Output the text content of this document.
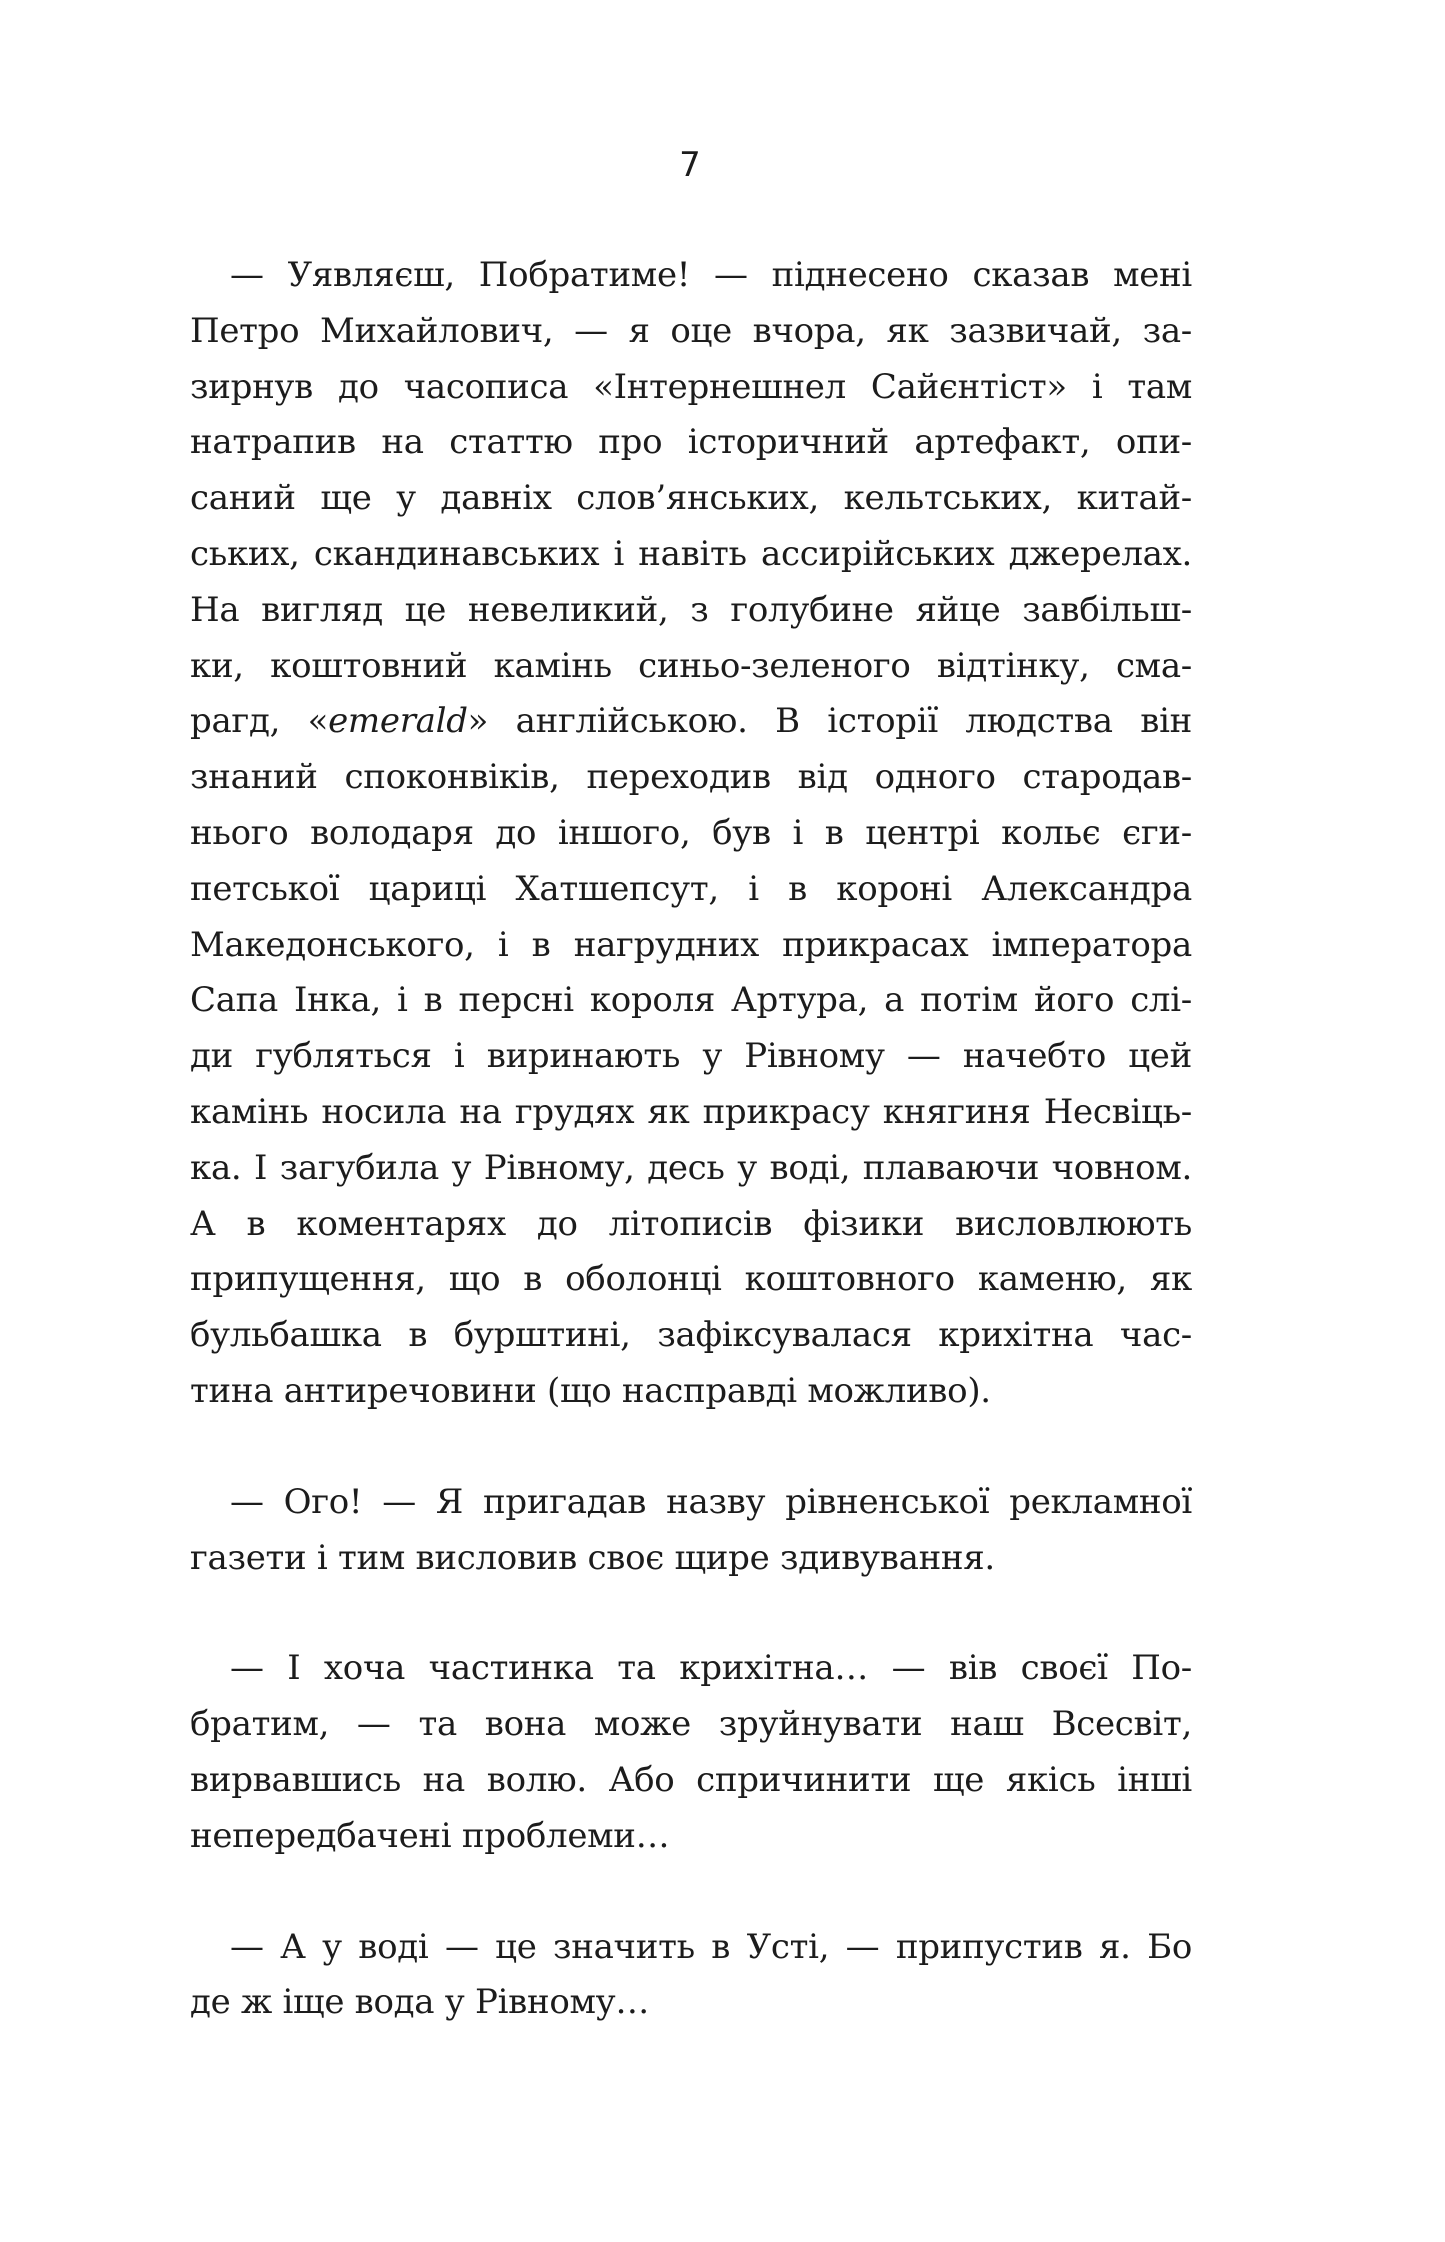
7

— Уявляєш, Побратиме! — піднесено сказав мені
Петро Михайлович, — я оце вчора, як зазвичай, за-
зирнув до часописа «Інтернешнел Сайєнтіст» і там
натрапив на статтю про історичний артефакт, опи-
саний ще у давніх слов’янських, кельтських, китай-
ських, скандинавських і навіть ассирійських джерелах.
На вигляд це невеликий, з голубине яйце завбільш-
ки, коштовний камінь синьо-зеленого відтінку, сма-
рагд, «emerald» англійською. В історії людства він
знаний споконвіків, переходив від одного стародав-
нього володаря до іншого, був і в центрі кольє єги-
петської цариці Хатшепсут, і в короні Александра
Македонського, і в нагрудних прикрасах імператора
Сапа Інка, і в персні короля Артура, а потім його слі-
ди губляться і виринають у Рівному — начебто цей
камінь носила на грудях як прикрасу княгиня Несвіць-
ка. І загубила у Рівному, десь у воді, плаваючи човном.
А в коментарях до літописів фізики висловлюють
припущення, що в оболонці коштовного каменю, як
бульбашка в бурштині, зафіксувалася крихітна час-
тина антиречовини (що насправді можливо).

— Ого! — Я пригадав назву рівненської рекламної
газети і тим висловив своє щире здивування.

— І хоча частинка та крихітна… — вів своєї По-
братим, — та вона може зруйнувати наш Всесвіт,
вирвавшись на волю. Або спричинити ще якісь інші
непередбачені проблеми…

— А у воді — це значить в Усті, — припустив я. Бо
де ж іще вода у Рівному…
